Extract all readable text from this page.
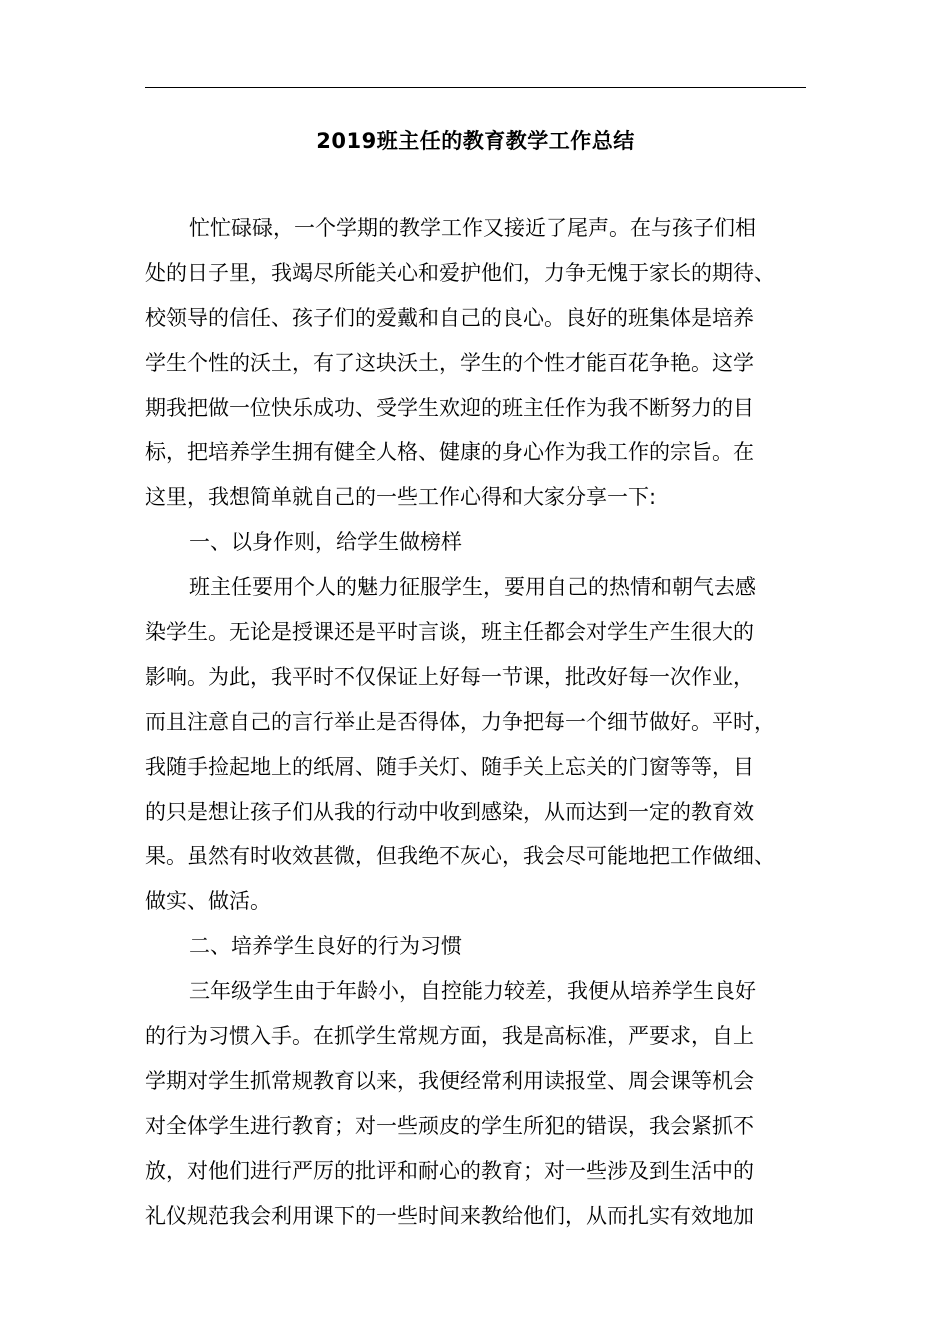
2019班主任的教育教学工作总结
忙忙碌碌，一个学期的教学工作又接近了尾声。在与孩子们相
处的日子里，我竭尽所能关心和爱护他们，力争无愧于家长的期待、
校领导的信任、孩子们的爱戴和自己的良心。良好的班集体是培养
学生个性的沃土，有了这块沃土，学生的个性才能百花争艳。这学
期我把做一位快乐成功、受学生欢迎的班主任作为我不断努力的目
标，把培养学生拥有健全人格、健康的身心作为我工作的宗旨。在
这里，我想简单就自己的一些工作心得和大家分享一下:
一、以身作则，给学生做榜样
班主任要用个人的魅力征服学生，要用自己的热情和朝气去感
染学生。无论是授课还是平时言谈，班主任都会对学生产生很大的
影响。为此，我平时不仅保证上好每一节课，批改好每一次作业，
而且注意自己的言行举止是否得体，力争把每一个细节做好。平时，
我随手捡起地上的纸屑、随手关灯、随手关上忘关的门窗等等，目
的只是想让孩子们从我的行动中收到感染，从而达到一定的教育效
果。虽然有时收效甚微，但我绝不灰心，我会尽可能地把工作做细、
做实、做活。
二、培养学生良好的行为习惯
三年级学生由于年龄小，自控能力较差，我便从培养学生良好
的行为习惯入手。在抓学生常规方面，我是高标准，严要求，自上
学期对学生抓常规教育以来，我便经常利用读报堂、周会课等机会
对全体学生进行教育；对一些顽皮的学生所犯的错误，我会紧抓不
放，对他们进行严厉的批评和耐心的教育；对一些涉及到生活中的
礼仪规范我会利用课下的一些时间来教给他们，从而扎实有效地加
